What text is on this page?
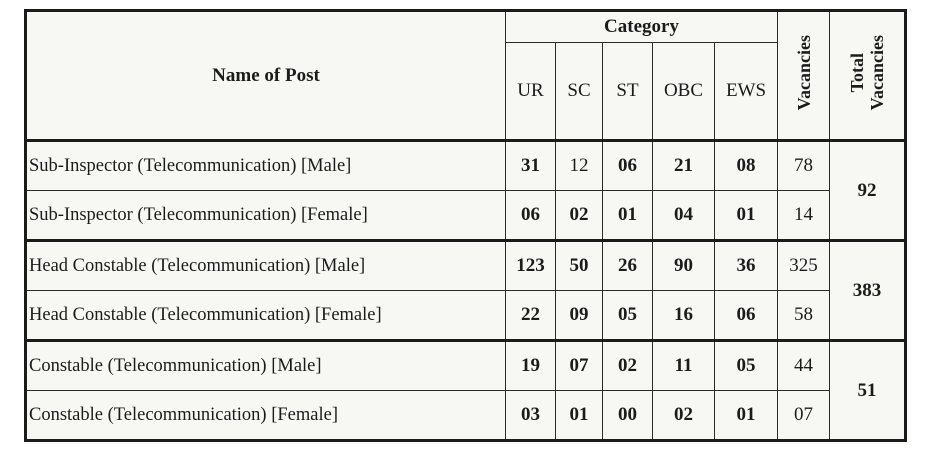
Name of Post	Category					Vacancies	Total
Vacancies
	UR	SC	ST	OBC	EWS		
Sub-Inspector (Telecommunication) [Male]	31	12	06	21	08	78	92
Sub-Inspector (Telecommunication) [Female]	06	02	01	04	01	14	
Head Constable (Telecommunication) [Male]	123	50	26	90	36	325	383
Head Constable (Telecommunication) [Female]	22	09	05	16	06	58	
Constable (Telecommunication) [Male]	19	07	02	11	05	44	51
Constable (Telecommunication) [Female]	03	01	00	02	01	07	
